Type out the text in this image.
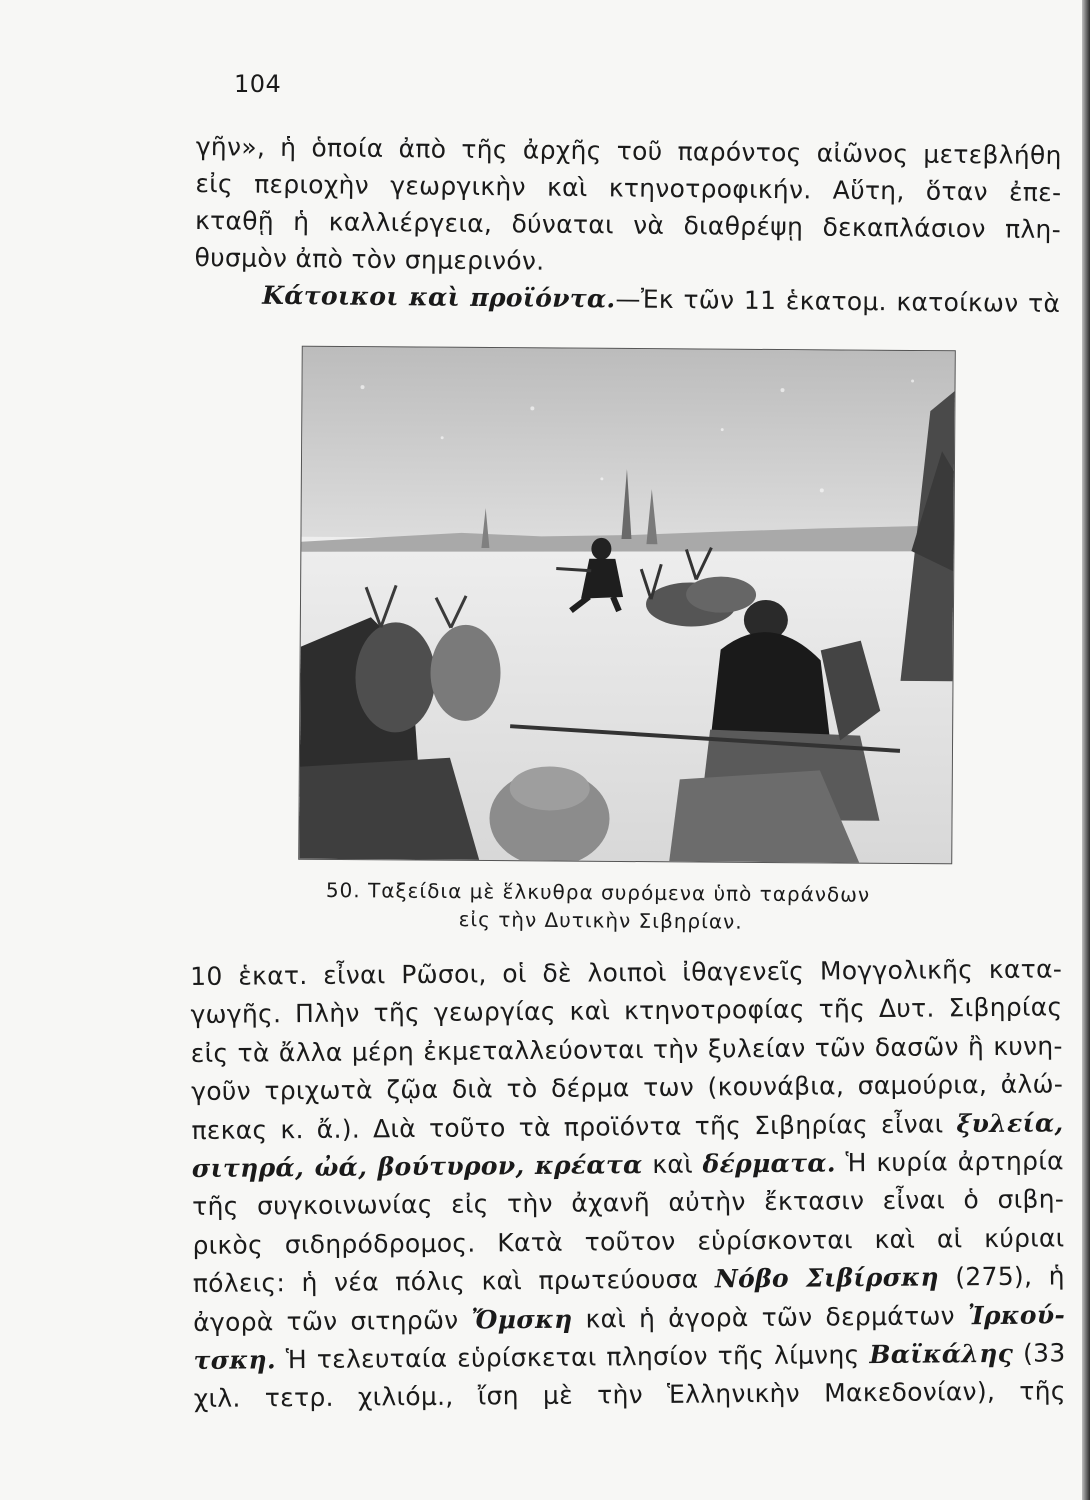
104
γῆν», ἡ ὁποία ἀπὸ τῆς ἀρχῆς τοῦ παρόντος αἰῶνος μετεβλήθη
εἰς περιοχὴν γεωργικὴν καὶ κτηνοτροφικήν. Αὕτη, ὅταν ἐπε-
κταθῇ ἡ καλλιέργεια, δύναται νὰ διαθρέψῃ δεκαπλάσιον πλη-
θυσμὸν ἀπὸ τὸν σημερινόν.
Κάτοικοι καὶ προϊόντα.—Ἐκ τῶν 11 ἑκατομ. κατοίκων τὰ
50. Ταξείδια μὲ ἕλκυθρα συρόμενα ὑπὸ ταράνδων
εἰς τὴν Δυτικὴν Σιβηρίαν.
10 ἑκατ. εἶναι Ρῶσοι, οἱ δὲ λοιποὶ ἰθαγενεῖς Μογγολικῆς κατα-
γωγῆς. Πλὴν τῆς γεωργίας καὶ κτηνοτροφίας τῆς Δυτ. Σιβηρίας
εἰς τὰ ἄλλα μέρη ἐκμεταλλεύονται τὴν ξυλείαν τῶν δασῶν ἢ κυνη-
γοῦν τριχωτὰ ζῷα διὰ τὸ δέρμα των (κουνάβια, σαμούρια, ἀλώ-
πεκας κ. ἄ.). Διὰ τοῦτο τὰ προϊόντα τῆς Σιβηρίας εἶναι ξυλεία,
σιτηρά, ὠά, βούτυρον, κρέατα καὶ δέρματα. Ἡ κυρία ἀρτηρία
τῆς συγκοινωνίας εἰς τὴν ἀχανῆ αὐτὴν ἔκτασιν εἶναι ὁ σιβη-
ρικὸς σιδηρόδρομος. Κατὰ τοῦτον εὑρίσκονται καὶ αἱ κύριαι
πόλεις: ἡ νέα πόλις καὶ πρωτεύουσα Νόβο Σιβίρσκη (275), ἡ
ἀγορὰ τῶν σιτηρῶν Ὄμσκη καὶ ἡ ἀγορὰ τῶν δερμάτων Ἰρκού-
τσκη. Ἡ τελευταία εὑρίσκεται πλησίον τῆς λίμνης Βαϊκάλης (33
χιλ. τετρ. χιλιόμ., ἴση μὲ τὴν Ἑλληνικὴν Μακεδονίαν), τῆς
